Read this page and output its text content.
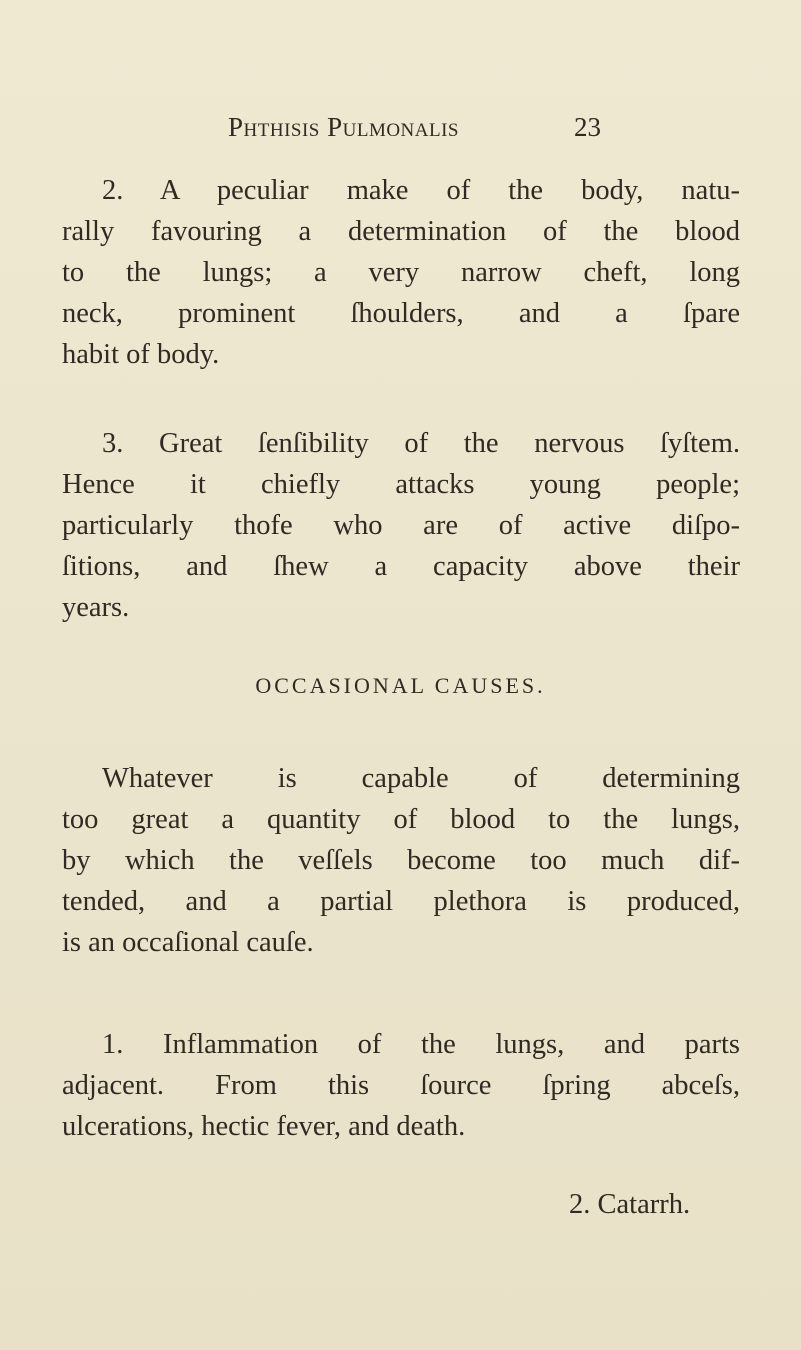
Phthisis Pulmonalis	23
2. A peculiar make of the body, natu-
rally favouring a determination of the blood
to the lungs; a very narrow cheft, long
neck, prominent ſhoulders, and a ſpare
habit of body.
3. Great ſenſibility of the nervous ſyſtem.
Hence it chiefly attacks young people;
particularly thofe who are of active diſpo-
ſitions, and ſhew a capacity above their
years.
OCCASIONAL CAUSES.
Whatever is capable of determining
too great a quantity of blood to the lungs,
by which the veſſels become too much dif-
tended, and a partial plethora is produced,
is an occaſional cauſe.
1. Inflammation of the lungs, and parts
adjacent. From this ſource ſpring abceſs,
ulcerations, hectic fever, and death.
2. Catarrh.
